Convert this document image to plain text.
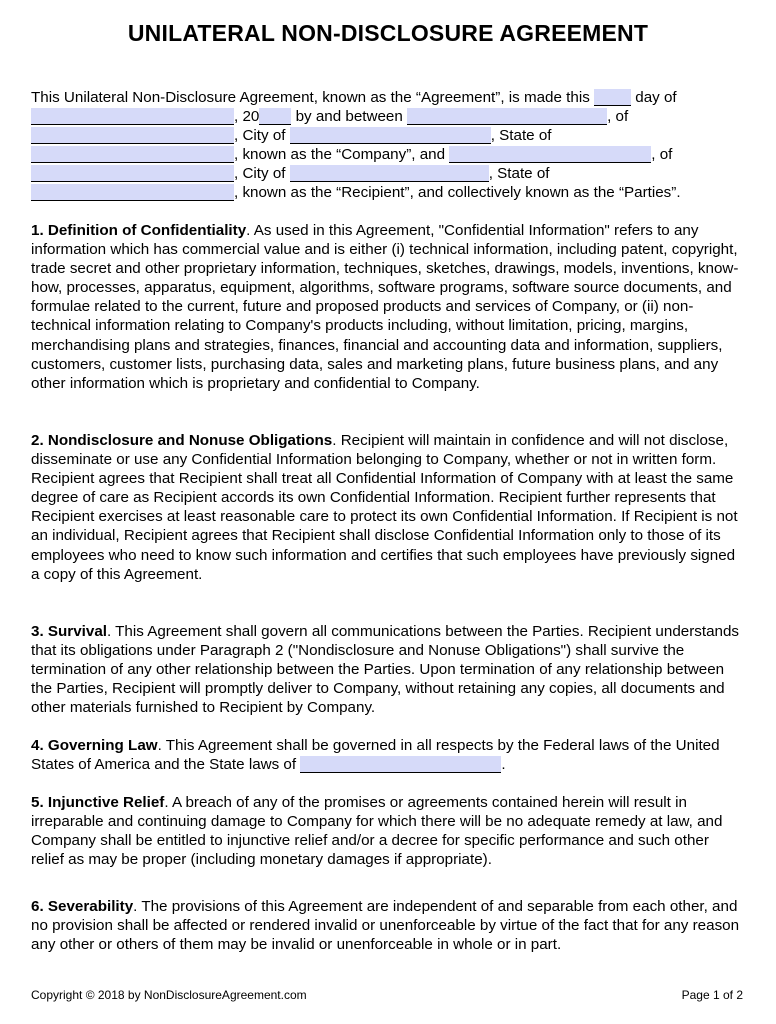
UNILATERAL NON-DISCLOSURE AGREEMENT
This Unilateral Non-Disclosure Agreement, known as the “Agreement”, is made this	day of
, 20 by and between	, of
, City of	, State of
, known as the “Company”, and	, of
, City of	, State of
, known as the “Recipient”, and collectively known as the “Parties”.
1. Definition of Confidentiality. As used in this Agreement, "Confidential Information" refers to any information which has commercial value and is either (i) technical information, including patent, copyright, trade secret and other proprietary information, techniques, sketches, drawings, models, inventions, know-how, processes, apparatus, equipment, algorithms, software programs, software source documents, and formulae related to the current, future and proposed products and services of Company, or (ii) non-technical information relating to Company's products including, without limitation, pricing, margins, merchandising plans and strategies, finances, financial and accounting data and information, suppliers, customers, customer lists, purchasing data, sales and marketing plans, future business plans, and any other information which is proprietary and confidential to Company.
2. Nondisclosure and Nonuse Obligations. Recipient will maintain in confidence and will not disclose, disseminate or use any Confidential Information belonging to Company, whether or not in written form. Recipient agrees that Recipient shall treat all Confidential Information of Company with at least the same degree of care as Recipient accords its own Confidential Information. Recipient further represents that Recipient exercises at least reasonable care to protect its own Confidential Information. If Recipient is not an individual, Recipient agrees that Recipient shall disclose Confidential Information only to those of its employees who need to know such information and certifies that such employees have previously signed a copy of this Agreement.
3. Survival. This Agreement shall govern all communications between the Parties. Recipient understands that its obligations under Paragraph 2 ("Nondisclosure and Nonuse Obligations") shall survive the termination of any other relationship between the Parties. Upon termination of any relationship between the Parties, Recipient will promptly deliver to Company, without retaining any copies, all documents and other materials furnished to Recipient by Company.
4. Governing Law. This Agreement shall be governed in all respects by the Federal laws of the United States of America and the State laws of	.
5. Injunctive Relief. A breach of any of the promises or agreements contained herein will result in irreparable and continuing damage to Company for which there will be no adequate remedy at law, and Company shall be entitled to injunctive relief and/or a decree for specific performance and such other relief as may be proper (including monetary damages if appropriate).
6. Severability. The provisions of this Agreement are independent of and separable from each other, and no provision shall be affected or rendered invalid or unenforceable by virtue of the fact that for any reason any other or others of them may be invalid or unenforceable in whole or in part.
Copyright © 2018 by NonDisclosureAgreement.com	Page 1 of 2
